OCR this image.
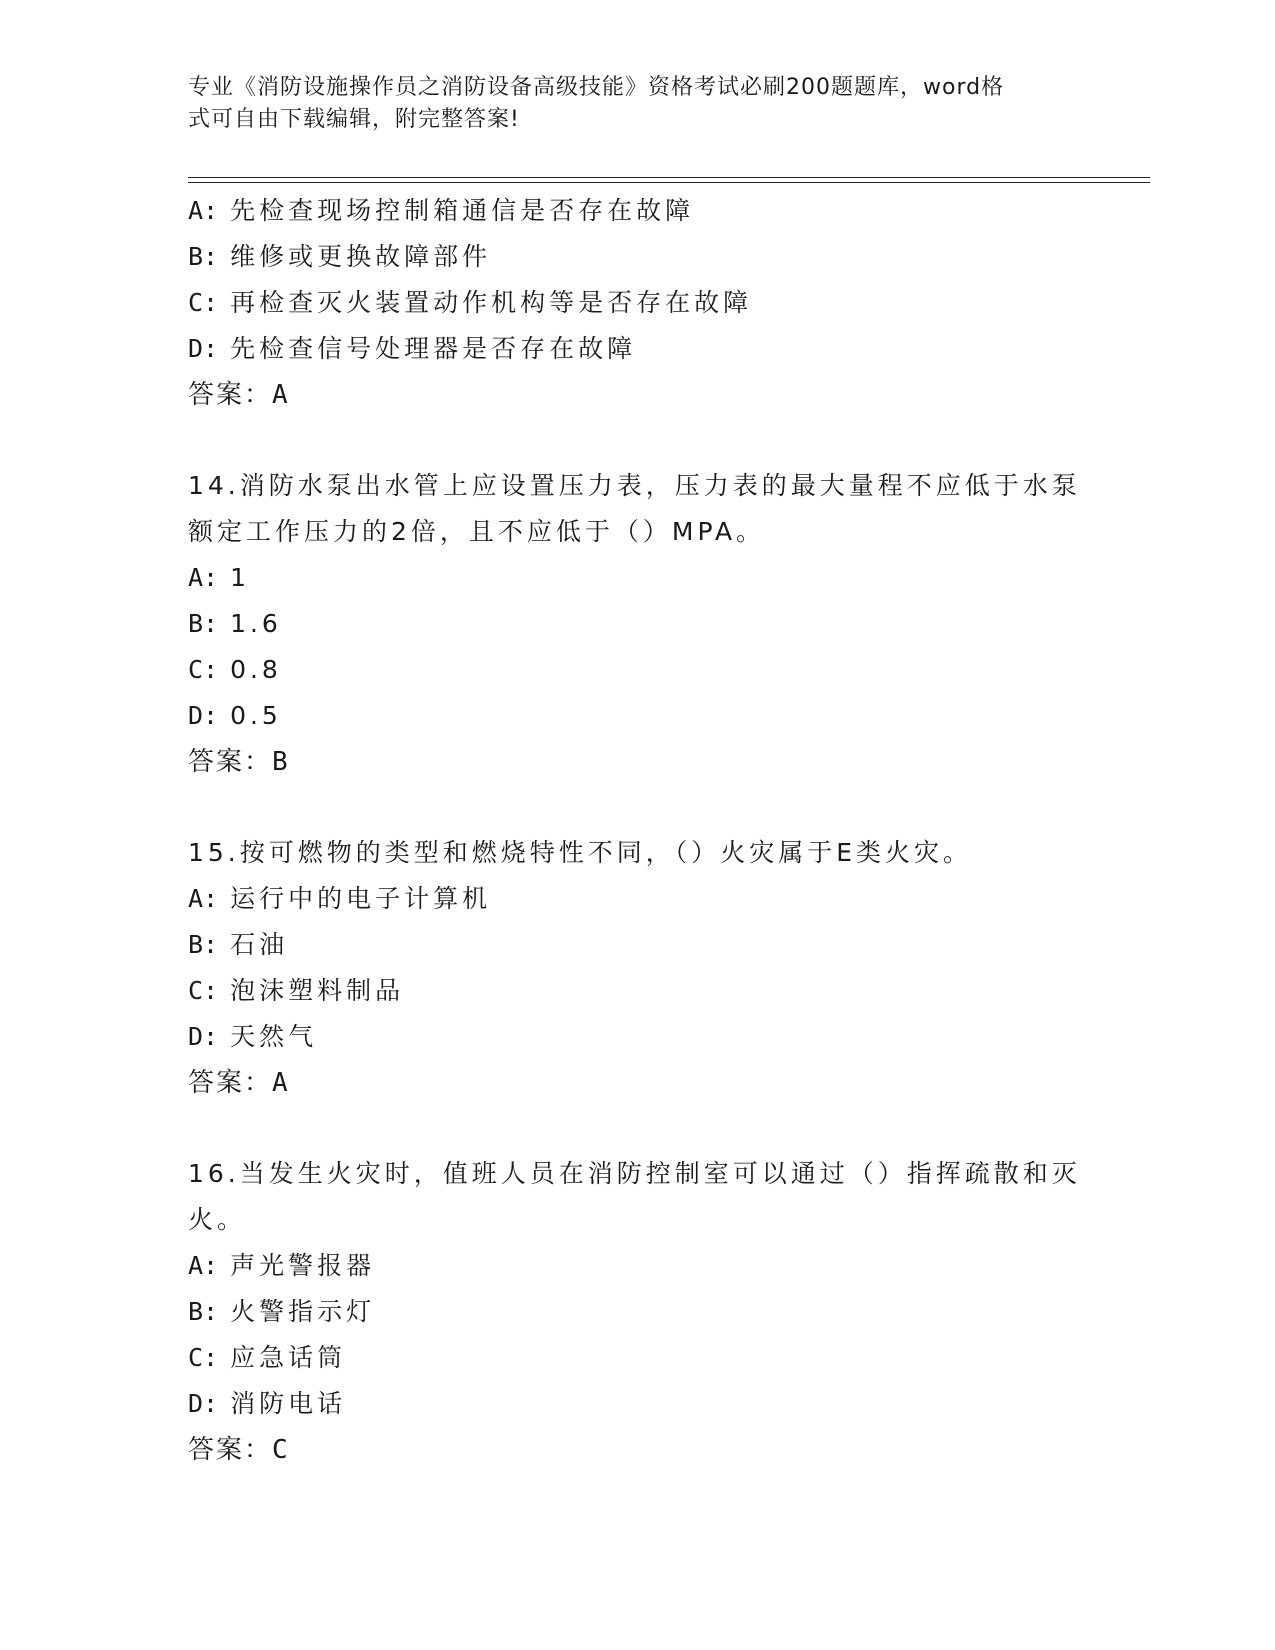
专业《消防设施操作员之消防设备高级技能》资格考试必刷200题题库，word格
式可自由下载编辑，附完整答案!
A: 先检查现场控制箱通信是否存在故障
B: 维修或更换故障部件
C: 再检查灭火装置动作机构等是否存在故障
D: 先检查信号处理器是否存在故障
答案：A
14.消防水泵出水管上应设置压力表，压力表的最大量程不应低于水泵
额定工作压力的2倍，且不应低于（）MPA。
A: 1
B: 1.6
C: 0.8
D: 0.5
答案：B
15.按可燃物的类型和燃烧特性不同，（）火灾属于E类火灾。
A: 运行中的电子计算机
B: 石油
C: 泡沫塑料制品
D: 天然气
答案：A
16.当发生火灾时，值班人员在消防控制室可以通过（）指挥疏散和灭
火。
A: 声光警报器
B: 火警指示灯
C: 应急话筒
D: 消防电话
答案：C
